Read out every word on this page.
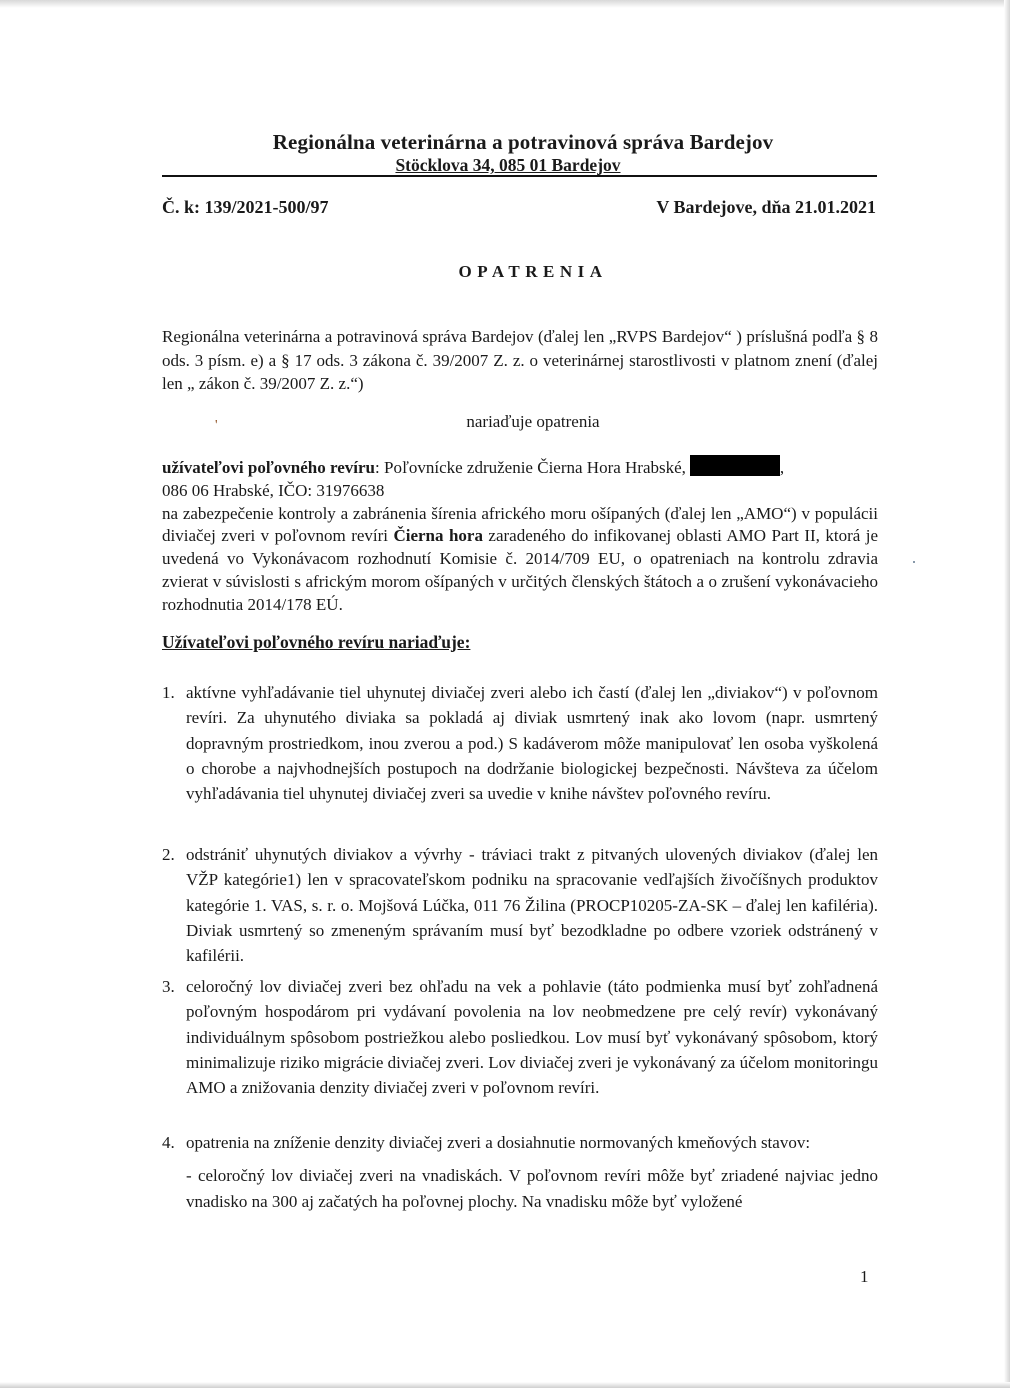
Regionálna veterinárna a potravinová správa Bardejov
Stöcklova 34, 085 01 Bardejov
Č. k: 139/2021-500/97	V Bardejove, dňa 21.01.2021
OPATRENIA
Regionálna veterinárna a potravinová správa Bardejov (ďalej len „RVPS Bardejov“ ) príslušná podľa § 8 ods. 3 písm. e) a § 17 ods. 3 zákona č. 39/2007 Z. z. o veterinárnej starostlivosti v platnom znení (ďalej len „ zákon č. 39/2007 Z. z.“)
'	nariaďuje opatrenia
užívateľovi poľovného revíru: Poľovnícke združenie Čierna Hora Hrabské,	,
086 06 Hrabské, IČO: 31976638
na zabezpečenie kontroly a zabránenia šírenia afrického moru ošípaných (ďalej len „AMO“) v populácii diviačej zveri v poľovnom revíri Čierna hora zaradeného do infikovanej oblasti AMO Part II, ktorá je uvedená vo Vykonávacom rozhodnutí Komisie č. 2014/709 EU, o opatreniach na kontrolu zdravia zvierat v súvislosti s africkým morom ošípaných v určitých členských štátoch a o zrušení vykonávacieho rozhodnutia 2014/178 EÚ.
Užívateľovi poľovného revíru nariaďuje:
1. aktívne vyhľadávanie tiel uhynutej diviačej zveri alebo ich častí (ďalej len „diviakov“) v poľovnom revíri. Za uhynutého diviaka sa pokladá aj diviak usmrtený inak ako lovom (napr. usmrtený dopravným prostriedkom, inou zverou a pod.) S kadáverom môže manipulovať len osoba vyškolená o chorobe a najvhodnejších postupoch na dodržanie biologickej bezpečnosti. Návšteva za účelom vyhľadávania tiel uhynutej diviačej zveri sa uvedie v knihe návštev poľovného revíru.
2. odstrániť uhynutých diviakov a vývrhy - tráviaci trakt z pitvaných ulovených diviakov (ďalej len VŽP kategórie1) len v spracovateľskom podniku na spracovanie vedľajších živočíšnych produktov kategórie 1. VAS, s. r. o. Mojšová Lúčka, 011 76 Žilina (PROCP10205-ZA-SK – ďalej len kafiléria). Diviak usmrtený so zmeneným správaním musí byť bezodkladne po odbere vzoriek odstránený v kafilérii.
3. celoročný lov diviačej zveri bez ohľadu na vek a pohlavie (táto podmienka musí byť zohľadnená poľovným hospodárom pri vydávaní povolenia na lov neobmedzene pre celý revír) vykonávaný individuálnym spôsobom postriežkou alebo posliedkou. Lov musí byť vykonávaný spôsobom, ktorý minimalizuje riziko migrácie diviačej zveri. Lov diviačej zveri je vykonávaný za účelom monitoringu AMO a znižovania denzity diviačej zveri v poľovnom revíri.
4. opatrenia na zníženie denzity diviačej zveri a dosiahnutie normovaných kmeňových stavov:
- celoročný lov diviačej zveri na vnadiskách. V poľovnom revíri môže byť zriadené najviac jedno vnadisko na 300 aj začatých ha poľovnej plochy. Na vnadisku môže byť vyložené
1
